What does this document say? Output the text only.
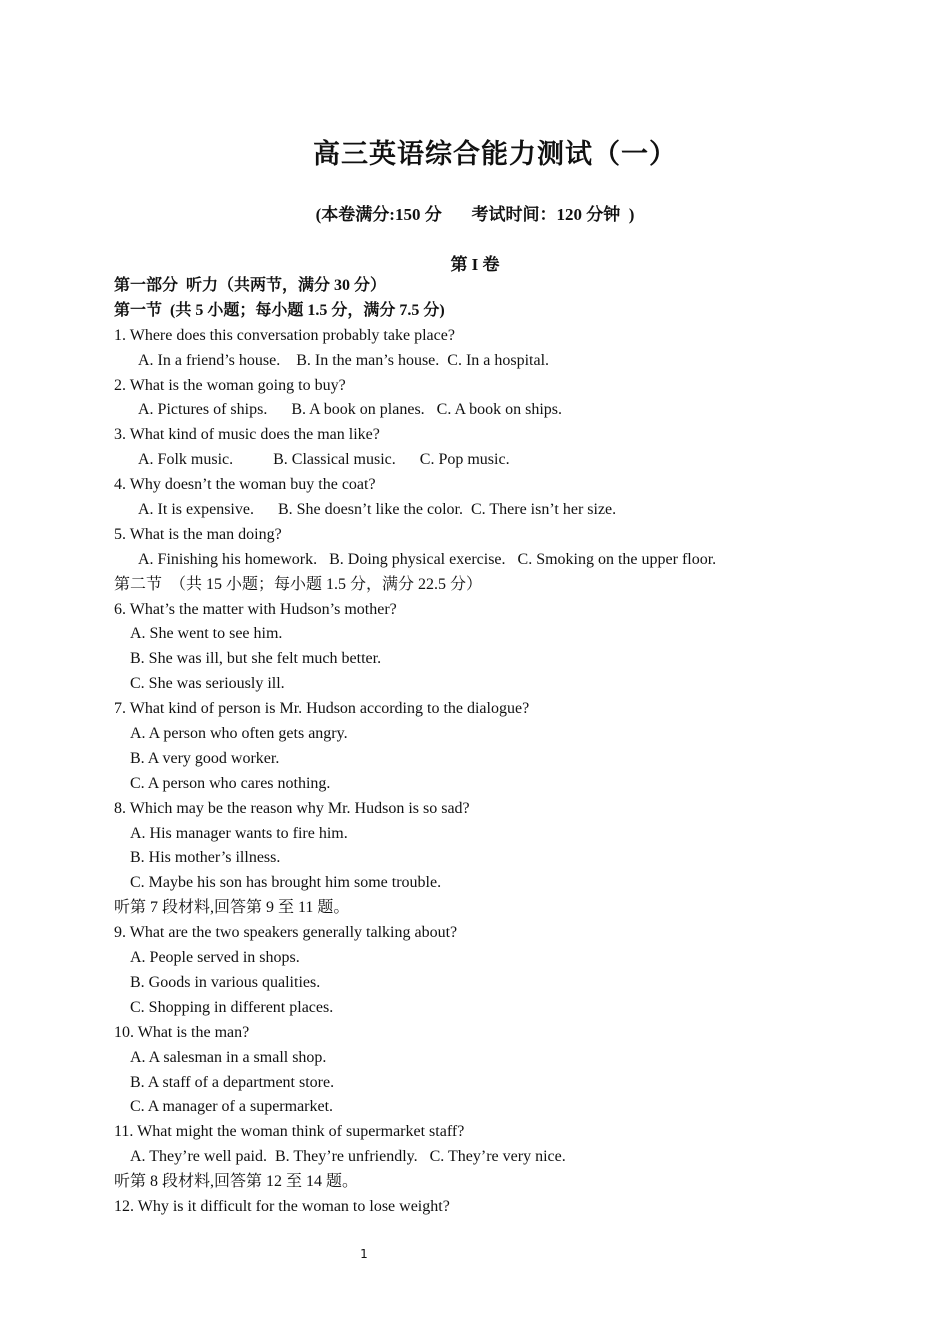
高三英语综合能力测试（一）
(本卷满分:150 分       考试时间：120 分钟  )
第 I 卷
第一部分  听力（共两节，满分 30 分）
第一节  (共 5 小题；每小题 1.5 分，满分 7.5 分)
1. Where does this conversation probably take place?
A. In a friend’s house.    B. In the man’s house.  C. In a hospital.
2. What is the woman going to buy?
A. Pictures of ships.      B. A book on planes.   C. A book on ships.
3. What kind of music does the man like?
A. Folk music.          B. Classical music.      C. Pop music.
4. Why doesn’t the woman buy the coat?
A. It is expensive.      B. She doesn’t like the color.  C. There isn’t her size.
5. What is the man doing?
A. Finishing his homework.   B. Doing physical exercise.   C. Smoking on the upper floor.
第二节  （共 15 小题；每小题 1.5 分，满分 22.5 分）
6. What’s the matter with Hudson’s mother?
A. She went to see him.
B. She was ill, but she felt much better.
C. She was seriously ill.
7. What kind of person is Mr. Hudson according to the dialogue?
A. A person who often gets angry.
B. A very good worker.
C. A person who cares nothing.
8. Which may be the reason why Mr. Hudson is so sad?
A. His manager wants to fire him.
B. His mother’s illness.
C. Maybe his son has brought him some trouble.
听第 7 段材料,回答第 9 至 11 题。
9. What are the two speakers generally talking about?
A. People served in shops.
B. Goods in various qualities.
C. Shopping in different places.
10. What is the man?
A. A salesman in a small shop.
B. A staff of a department store.
C. A manager of a supermarket.
11. What might the woman think of supermarket staff?
A. They’re well paid.  B. They’re unfriendly.   C. They’re very nice.
听第 8 段材料,回答第 12 至 14 题。
12. Why is it difficult for the woman to lose weight?
1
